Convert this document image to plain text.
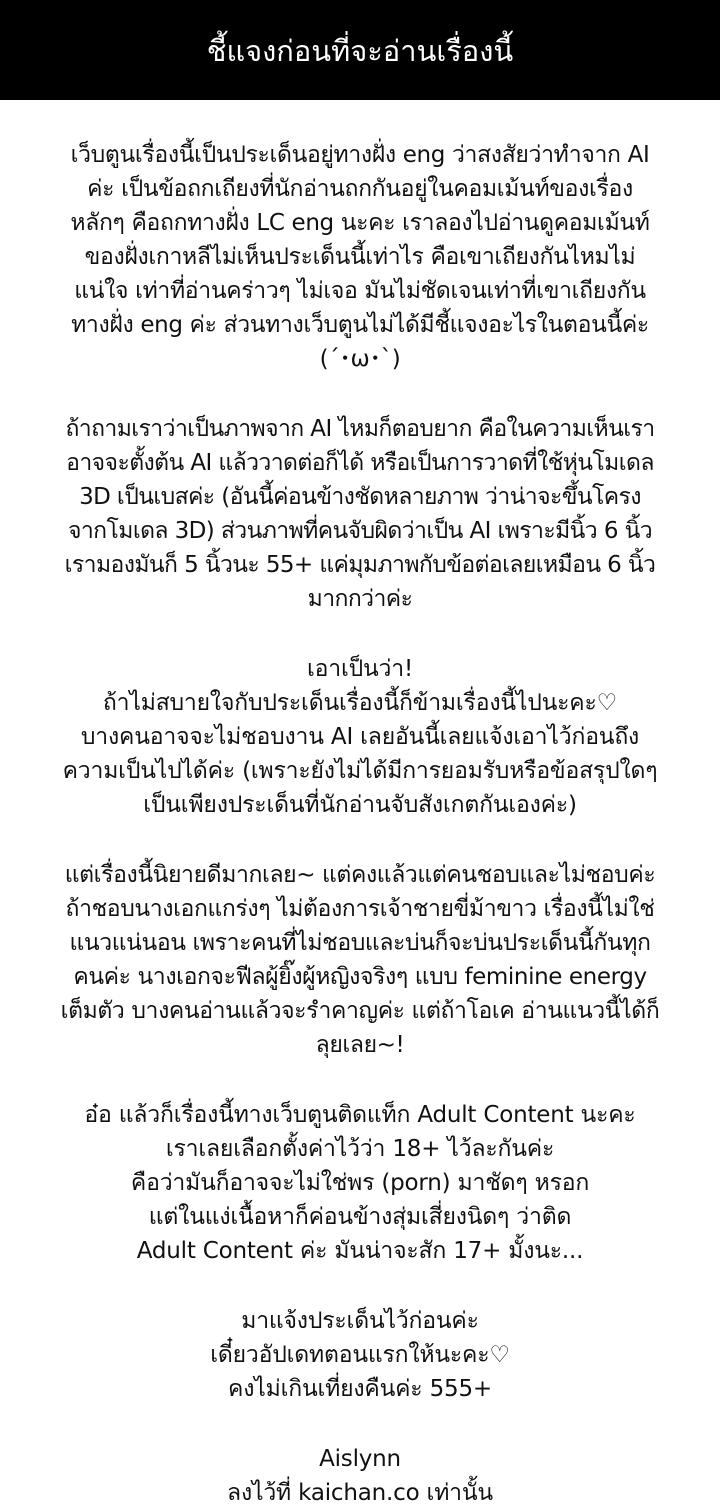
ชี้แจงก่อนที่จะอ่านเรื่องนี้
เว็บตูนเรื่องนี้เป็นประเด็นอยู่ทางฝั่ง eng ว่าสงสัยว่าทำจาก AI
ค่ะ เป็นข้อถกเถียงที่นักอ่านถกกันอยู่ในคอมเม้นท์ของเรื่อง
หลักๆ คือถกทางฝั่ง LC eng นะคะ เราลองไปอ่านดูคอมเม้นท์
ของฝั่งเกาหลีไม่เห็นประเด็นนี้เท่าไร คือเขาเถียงกันไหมไม่
แน่ใจ เท่าที่อ่านคร่าวๆ ไม่เจอ มันไม่ชัดเจนเท่าที่เขาเถียงกัน
ทางฝั่ง eng ค่ะ ส่วนทางเว็บตูนไม่ได้มีชี้แจงอะไรในตอนนี้ค่ะ
(´･ω･`)
ถ้าถามเราว่าเป็นภาพจาก AI ไหมก็ตอบยาก คือในความเห็นเรา
อาจจะตั้งต้น AI แล้ววาดต่อก็ได้ หรือเป็นการวาดที่ใช้หุ่นโมเดล
3D เป็นเบสค่ะ (อันนี้ค่อนข้างชัดหลายภาพ ว่าน่าจะขึ้นโครง
จากโมเดล 3D) ส่วนภาพที่คนจับผิดว่าเป็น AI เพราะมีนิ้ว 6 นิ้ว
เรามองมันก็ 5 นิ้วนะ 55+ แค่มุมภาพกับข้อต่อเลยเหมือน 6 นิ้ว
มากกว่าค่ะ
เอาเป็นว่า!
ถ้าไม่สบายใจกับประเด็นเรื่องนี้ก็ข้ามเรื่องนี้ไปนะคะ♡
บางคนอาจจะไม่ชอบงาน AI เลยอันนี้เลยแจ้งเอาไว้ก่อนถึง
ความเป็นไปได้ค่ะ (เพราะยังไม่ได้มีการยอมรับหรือข้อสรุปใดๆ
เป็นเพียงประเด็นที่นักอ่านจับสังเกตกันเองค่ะ)
แต่เรื่องนี้นิยายดีมากเลย~ แต่คงแล้วแต่คนชอบและไม่ชอบค่ะ
ถ้าชอบนางเอกแกร่งๆ ไม่ต้องการเจ้าชายขี่ม้าขาว เรื่องนี้ไม่ใช่
แนวแน่นอน เพราะคนที่ไม่ชอบและบ่นก็จะบ่นประเด็นนี้กันทุก
คนค่ะ นางเอกจะฟีลผู้ยิ๊งผู้หญิงจริงๆ แบบ feminine energy
เต็มตัว บางคนอ่านแล้วจะรำคาญค่ะ แต่ถ้าโอเค อ่านแนวนี้ได้ก็
ลุยเลย~!
อ๋อ แล้วก็เรื่องนี้ทางเว็บตูนติดแท็ก Adult Content นะคะ
เราเลยเลือกตั้งค่าไว้ว่า 18+ ไว้ละกันค่ะ
คือว่ามันก็อาจจะไม่ใช่พร (porn) มาชัดๆ หรอก
แต่ในแง่เนื้อหาก็ค่อนข้างสุ่มเสี่ยงนิดๆ ว่าติด
Adult Content ค่ะ มันน่าจะสัก 17+ มั้งนะ...
มาแจ้งประเด็นไว้ก่อนค่ะ
เดี๋ยวอัปเดทตอนแรกให้นะคะ♡
คงไม่เกินเที่ยงคืนค่ะ 555+
Aislynn
ลงไว้ที่ kaichan.co เท่านั้น
